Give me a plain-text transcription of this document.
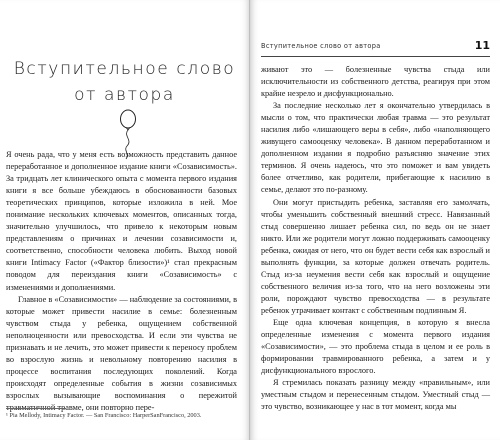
Вступительное слово
от автора

Я очень рада, что у меня есть возможность представить данное переработанное и дополненное издание книги «Созависимость». За тридцать лет клинического опыта с момента первого издания книги я все больше убеждаюсь в обоснованности базовых теоретических принципов, которые изложила в ней. Мое понимание нескольких ключевых моментов, описанных тогда, значительно улучшилось, что привело к некоторым новым представлениям о причинах и лечении созависимости и, соответственно, способности человека любить. Выход новой книги Intimacy Factor («Фактор близости»)¹ стал прекрасным поводом для переиздания книги «Созависимость» с изменениями и дополнениями.

Главное в «Созависимости» — наблюдение за состояниями, в которые может привести насилие в семье: болезненным чувством стыда у ребенка, ощущением собственной неполноценности или превосходства. И если эти чувства не признавать и не лечить, это может привести к переносу проблем во взрослую жизнь и невольному повторению насилия в процессе воспитания последующих поколений. Когда происходят определенные события в жизни созависимых взрослых вызывающие воспоминания о пережитой травматичной травме, они повторно пере-

¹ Pia Mellody, Intimacy Factor. — San Francisco: HarperSanFrancisco, 2003.
Вступительное слово от автора	11

живают это — болезненные чувства стыда или исключительности из собственного детства, реагируя при этом крайне незрело и дисфункционально.

За последние несколько лет я окончательно утвердилась в мысли о том, что практически любая травма — это результат насилия либо «лишающего веры в себя», либо «наполняющего живущего самооценку человека». В данном переработанном и дополненном издании я подробно разъясняю значение этих терминов. Я очень надеюсь, что это поможет и вам увидеть более отчетливо, как родители, прибегающие к насилию в семье, делают это по-разному.

Они могут пристыдить ребенка, заставляя его замолчать, чтобы уменьшить собственный внешний стресс. Навязанный стыд совершенно лишает ребенка сил, по ведь он не знает никто. Или же родители могут ложно поддерживать самооценку ребенка, ожидая от него, что он будет вести себя как взрослый и выполнять функции, за которые должен отвечать родитель. Стыд из-за неумения вести себя как взрослый и ощущение собственного величия из-за того, что на него возложены эти роли, порождают чувство превосходства — в результате ребенок утрачивает контакт с собственным подлинным Я.

Еще одна ключевая концепция, в которую я внесла определенные изменения с момента первого издания «Созависимости», — это проблема стыда в целом и ее роль в формировании травмированного ребенка, а затем и у дисфункционального взрослого.

Я стремилась показать разницу между «правильным», или уместным стыдом и перенесенным стыдом. Уместный стыд — это чувство, возникающее у нас в тот момент, когда мы
